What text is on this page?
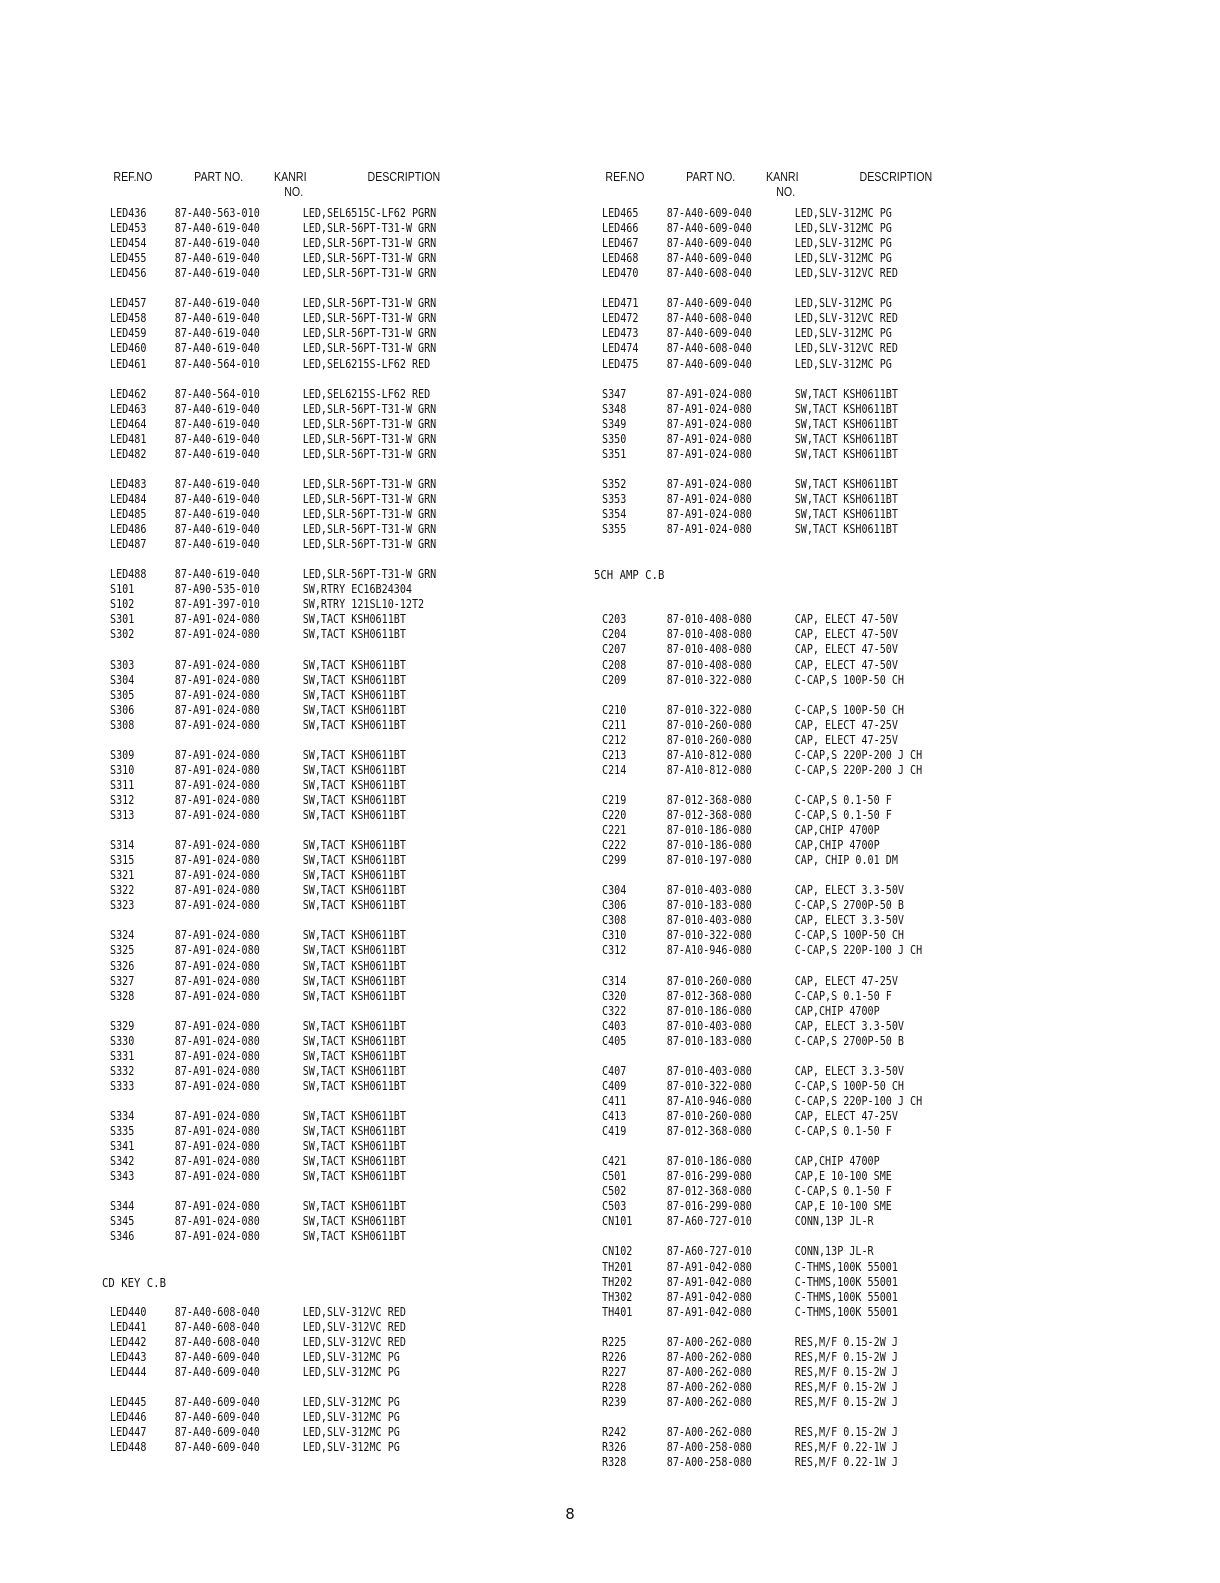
REF.NO	PART NO. KANRI
NO.
DESCRIPTION
LED436 87-A40-563-010	LED,SEL6515C-LF62 PGRN
LED453 87-A40-619-040	LED,SLR-56PT-T31-W GRN
LED454 87-A40-619-040	LED,SLR-56PT-T31-W GRN
LED455 87-A40-619-040	LED,SLR-56PT-T31-W GRN
LED456 87-A40-619-040	LED,SLR-56PT-T31-W GRN
LED457 87-A40-619-040	LED,SLR-56PT-T31-W GRN
LED458 87-A40-619-040	LED,SLR-56PT-T31-W GRN
LED459 87-A40-619-040	LED,SLR-56PT-T31-W GRN
LED460 87-A40-619-040	LED,SLR-56PT-T31-W GRN
LED461 87-A40-564-010	LED,SEL6215S-LF62 RED
LED462 87-A40-564-010	LED,SEL6215S-LF62 RED
LED463 87-A40-619-040	LED,SLR-56PT-T31-W GRN
LED464 87-A40-619-040	LED,SLR-56PT-T31-W GRN
LED481 87-A40-619-040	LED,SLR-56PT-T31-W GRN
LED482 87-A40-619-040	LED,SLR-56PT-T31-W GRN
LED483 87-A40-619-040	LED,SLR-56PT-T31-W GRN
LED484 87-A40-619-040	LED,SLR-56PT-T31-W GRN
LED485 87-A40-619-040	LED,SLR-56PT-T31-W GRN
LED486 87-A40-619-040	LED,SLR-56PT-T31-W GRN
LED487 87-A40-619-040	LED,SLR-56PT-T31-W GRN
LED488 87-A40-619-040	LED,SLR-56PT-T31-W GRN
S101	87-A90-535-010	SW,RTRY EC16B24304
S102	87-A91-397-010	SW,RTRY 121SL10-12T2
S301	87-A91-024-080	SW,TACT KSH0611BT
S302	87-A91-024-080	SW,TACT KSH0611BT
S303	87-A91-024-080	SW,TACT KSH0611BT
S304	87-A91-024-080	SW,TACT KSH0611BT
S305	87-A91-024-080	SW,TACT KSH0611BT
S306	87-A91-024-080	SW,TACT KSH0611BT
S308	87-A91-024-080	SW,TACT KSH0611BT
S309	87-A91-024-080	SW,TACT KSH0611BT
S310	87-A91-024-080	SW,TACT KSH0611BT
S311	87-A91-024-080	SW,TACT KSH0611BT
S312	87-A91-024-080	SW,TACT KSH0611BT
S313	87-A91-024-080	SW,TACT KSH0611BT
S314	87-A91-024-080	SW,TACT KSH0611BT
S315	87-A91-024-080	SW,TACT KSH0611BT
S321	87-A91-024-080	SW,TACT KSH0611BT
S322	87-A91-024-080	SW,TACT KSH0611BT
S323	87-A91-024-080	SW,TACT KSH0611BT
S324	87-A91-024-080	SW,TACT KSH0611BT
S325	87-A91-024-080	SW,TACT KSH0611BT
S326	87-A91-024-080	SW,TACT KSH0611BT
S327	87-A91-024-080	SW,TACT KSH0611BT
S328	87-A91-024-080	SW,TACT KSH0611BT
S329	87-A91-024-080	SW,TACT KSH0611BT
S330	87-A91-024-080	SW,TACT KSH0611BT
S331	87-A91-024-080	SW,TACT KSH0611BT
S332	87-A91-024-080	SW,TACT KSH0611BT
S333	87-A91-024-080	SW,TACT KSH0611BT
S334	87-A91-024-080	SW,TACT KSH0611BT
S335	87-A91-024-080	SW,TACT KSH0611BT
S341	87-A91-024-080	SW,TACT KSH0611BT
S342	87-A91-024-080	SW,TACT KSH0611BT
S343	87-A91-024-080	SW,TACT KSH0611BT
S344	87-A91-024-080	SW,TACT KSH0611BT
S345	87-A91-024-080	SW,TACT KSH0611BT
S346	87-A91-024-080	SW,TACT KSH0611BT
CD KEY C.B
LED440 87-A40-608-040	LED,SLV-312VC RED
LED441 87-A40-608-040	LED,SLV-312VC RED
LED442 87-A40-608-040	LED,SLV-312VC RED
LED443 87-A40-609-040	LED,SLV-312MC PG
LED444 87-A40-609-040	LED,SLV-312MC PG
LED445 87-A40-609-040	LED,SLV-312MC PG
LED446 87-A40-609-040	LED,SLV-312MC PG
LED447 87-A40-609-040	LED,SLV-312MC PG
LED448 87-A40-609-040	LED,SLV-312MC PG
REF.NO	PART NO. KANRI
NO.
DESCRIPTION
LED465 87-A40-609-040	LED,SLV-312MC PG
LED466 87-A40-609-040	LED,SLV-312MC PG
LED467 87-A40-609-040	LED,SLV-312MC PG
LED468 87-A40-609-040	LED,SLV-312MC PG
LED470 87-A40-608-040	LED,SLV-312VC RED
LED471 87-A40-609-040	LED,SLV-312MC PG
LED472 87-A40-608-040	LED,SLV-312VC RED
LED473 87-A40-609-040	LED,SLV-312MC PG
LED474 87-A40-608-040	LED,SLV-312VC RED
LED475 87-A40-609-040	LED,SLV-312MC PG
S347	87-A91-024-080	SW,TACT KSH0611BT
S348	87-A91-024-080	SW,TACT KSH0611BT
S349	87-A91-024-080	SW,TACT KSH0611BT
S350	87-A91-024-080	SW,TACT KSH0611BT
S351	87-A91-024-080	SW,TACT KSH0611BT
S352	87-A91-024-080	SW,TACT KSH0611BT
S353	87-A91-024-080	SW,TACT KSH0611BT
S354	87-A91-024-080	SW,TACT KSH0611BT
S355	87-A91-024-080	SW,TACT KSH0611BT
5CH AMP C.B
C203	87-010-408-080	CAP, ELECT 47-50V
C204	87-010-408-080	CAP, ELECT 47-50V
C207	87-010-408-080	CAP, ELECT 47-50V
C208	87-010-408-080	CAP, ELECT 47-50V
C209	87-010-322-080	C-CAP,S 100P-50 CH
C210	87-010-322-080	C-CAP,S 100P-50 CH
C211	87-010-260-080	CAP, ELECT 47-25V
C212	87-010-260-080	CAP, ELECT 47-25V
C213	87-A10-812-080	C-CAP,S 220P-200 J CH
C214	87-A10-812-080	C-CAP,S 220P-200 J CH
C219	87-012-368-080	C-CAP,S 0.1-50 F
C220	87-012-368-080	C-CAP,S 0.1-50 F
C221	87-010-186-080	CAP,CHIP 4700P
C222	87-010-186-080	CAP,CHIP 4700P
C299	87-010-197-080	CAP, CHIP 0.01 DM
C304	87-010-403-080	CAP, ELECT 3.3-50V
C306	87-010-183-080	C-CAP,S 2700P-50 B
C308	87-010-403-080	CAP, ELECT 3.3-50V
C310	87-010-322-080	C-CAP,S 100P-50 CH
C312	87-A10-946-080	C-CAP,S 220P-100 J CH
C314	87-010-260-080	CAP, ELECT 47-25V
C320	87-012-368-080	C-CAP,S 0.1-50 F
C322	87-010-186-080	CAP,CHIP 4700P
C403	87-010-403-080	CAP, ELECT 3.3-50V
C405	87-010-183-080	C-CAP,S 2700P-50 B
C407	87-010-403-080	CAP, ELECT 3.3-50V
C409	87-010-322-080	C-CAP,S 100P-50 CH
C411	87-A10-946-080	C-CAP,S 220P-100 J CH
C413	87-010-260-080	CAP, ELECT 47-25V
C419	87-012-368-080	C-CAP,S 0.1-50 F
C421	87-010-186-080	CAP,CHIP 4700P
C501	87-016-299-080	CAP,E 10-100 SME
C502	87-012-368-080	C-CAP,S 0.1-50 F
C503	87-016-299-080	CAP,E 10-100 SME
CN101	87-A60-727-010	CONN,13P JL-R
CN102	87-A60-727-010	CONN,13P JL-R
TH201	87-A91-042-080	C-THMS,100K 55001
TH202	87-A91-042-080	C-THMS,100K 55001
TH302	87-A91-042-080	C-THMS,100K 55001
TH401	87-A91-042-080	C-THMS,100K 55001
R225	87-A00-262-080	RES,M/F 0.15-2W J
R226	87-A00-262-080	RES,M/F 0.15-2W J
R227	87-A00-262-080	RES,M/F 0.15-2W J
R228	87-A00-262-080	RES,M/F 0.15-2W J
R239	87-A00-262-080	RES,M/F 0.15-2W J
R242	87-A00-262-080	RES,M/F 0.15-2W J
R326	87-A00-258-080	RES,M/F 0.22-1W J
R328	87-A00-258-080	RES,M/F 0.22-1W J
8
